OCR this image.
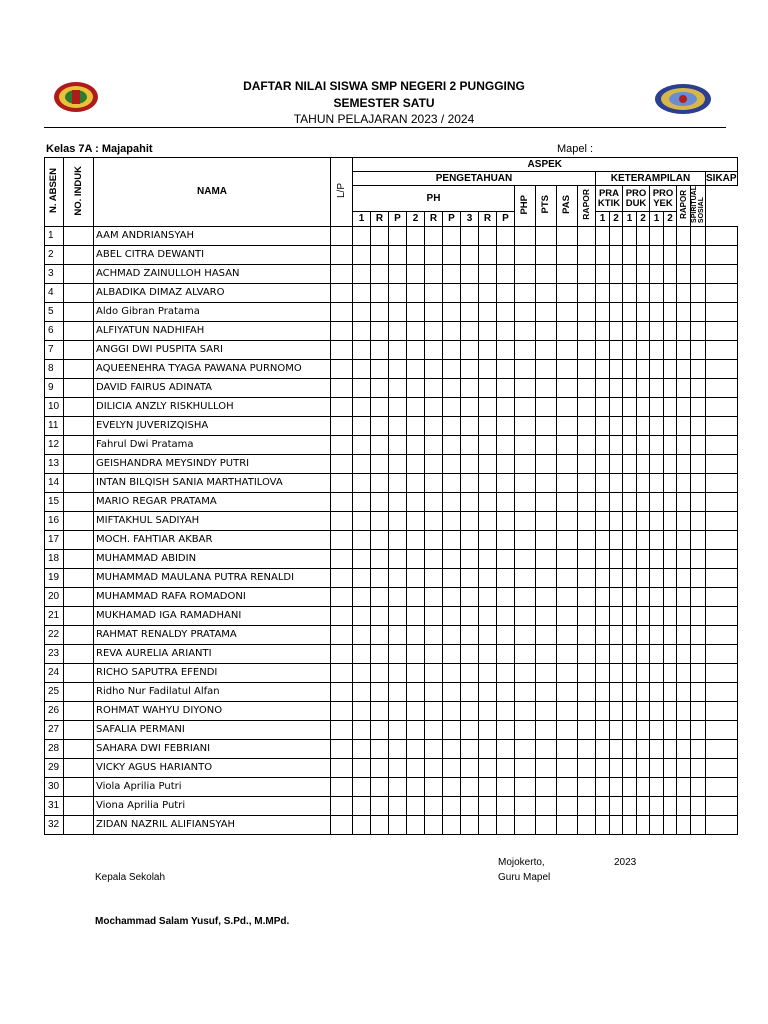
DAFTAR NILAI SISWA SMP NEGERI 2 PUNGGING
SEMESTER SATU
TAHUN PELAJARAN 2023 / 2024
Kelas 7A : Majapahit	Mapel :
N. ABSEN	NO. INDUK	NAMA	L/P	ASPEK																					
				PENGETAHUAN													KETERAMPILAN								SIKAP
				PH									PHP	PTS	PAS	RAPOR	PRA KTIK		PRO DUK		PRO YEK		RAPOR	SPIRITUALSOSIAL	
				1	R	P	2	R	P	3	R	P					1	2	1	2	1	2			
1		AAM ANDRIANSYAH																							
2		ABEL CITRA DEWANTI																							
3		ACHMAD ZAINULLOH HASAN																							
4		ALBADIKA DIMAZ ALVARO																							
5		Aldo Gibran Pratama																							
6		ALFIYATUN NADHIFAH																							
7		ANGGI DWI PUSPITA SARI																							
8		AQUEENEHRA TYAGA PAWANA PURNOMO																							
9		DAVID FAIRUS ADINATA																							
10		DILICIA ANZLY RISKHULLOH																							
11		EVELYN JUVERIZQISHA																							
12		Fahrul Dwi Pratama																							
13		GEISHANDRA MEYSINDY PUTRI																							
14		INTAN BILQISH SANIA MARTHATILOVA																							
15		MARIO REGAR PRATAMA																							
16		MIFTAKHUL SADIYAH																							
17		MOCH. FAHTIAR AKBAR																							
18		MUHAMMAD ABIDIN																							
19		MUHAMMAD MAULANA PUTRA RENALDI																							
20		MUHAMMAD RAFA ROMADONI																							
21		MUKHAMAD IGA RAMADHANI																							
22		RAHMAT RENALDY PRATAMA																							
23		REVA AURELIA ARIANTI																							
24		RICHO SAPUTRA EFENDI																							
25		Ridho Nur Fadilatul Alfan																							
26		ROHMAT WAHYU DIYONO																							
27		SAFALIA PERMANI																							
28		SAHARA DWI FEBRIANI																							
29		VICKY AGUS HARIANTO																							
30		Viola Aprilia Putri																							
31		Viona Aprilia Putri																							
32		ZIDAN NAZRIL ALIFIANSYAH																							
Mojokerto,	2023
Kepala Sekolah	Guru Mapel
Mochammad Salam Yusuf, S.Pd., M.MPd.
